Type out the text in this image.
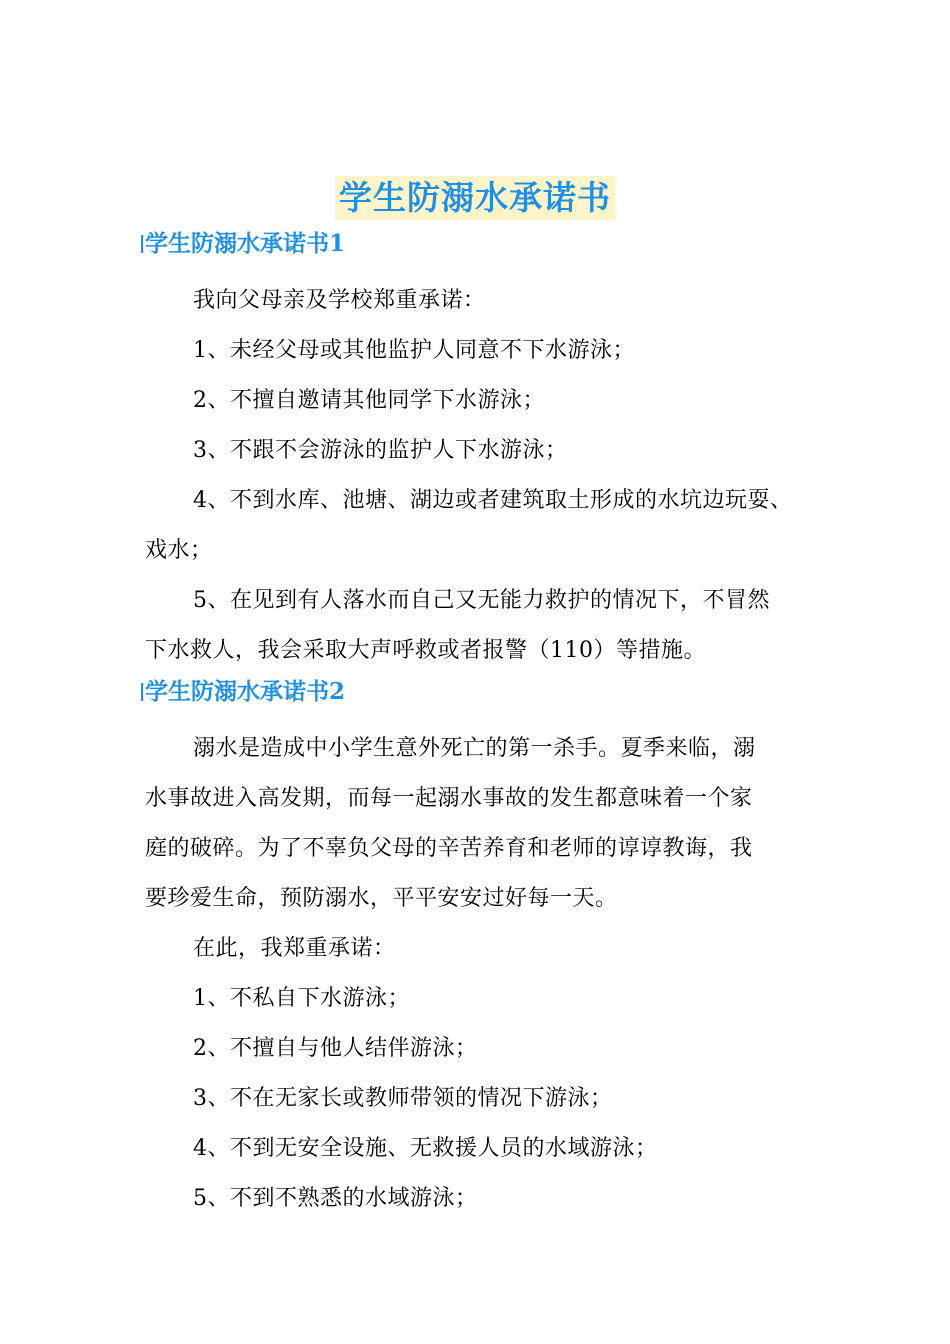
学生防溺水承诺书
学生防溺水承诺书1
我向父母亲及学校郑重承诺：
1、未经父母或其他监护人同意不下水游泳；
2、不擅自邀请其他同学下水游泳；
3、不跟不会游泳的监护人下水游泳；
4、不到水库、池塘、湖边或者建筑取土形成的水坑边玩耍、
戏水；
5、在见到有人落水而自己又无能力救护的情况下，不冒然
下水救人，我会采取大声呼救或者报警（110）等措施。
学生防溺水承诺书2
溺水是造成中小学生意外死亡的第一杀手。夏季来临，溺
水事故进入高发期，而每一起溺水事故的发生都意味着一个家
庭的破碎。为了不辜负父母的辛苦养育和老师的谆谆教诲，我
要珍爱生命，预防溺水，平平安安过好每一天。
在此，我郑重承诺：
1、不私自下水游泳；
2、不擅自与他人结伴游泳；
3、不在无家长或教师带领的情况下游泳；
4、不到无安全设施、无救援人员的水域游泳；
5、不到不熟悉的水域游泳；
